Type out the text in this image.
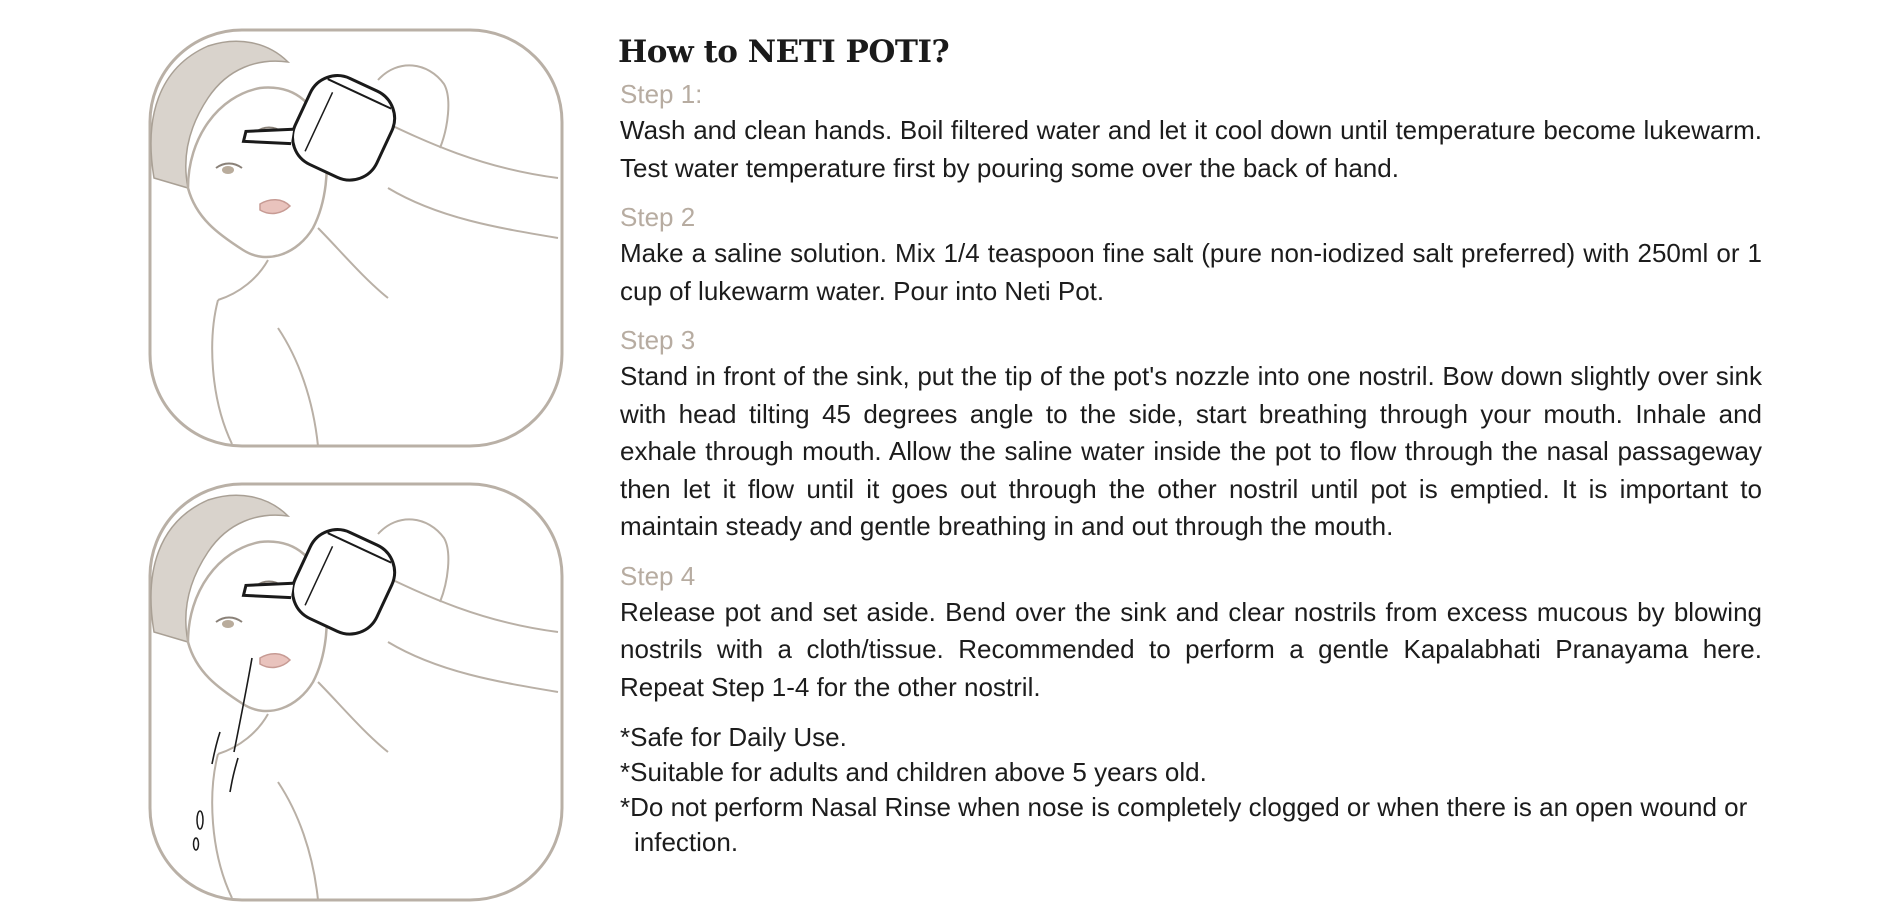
How to NETI POTI?

Step 1:

Wash and clean hands. Boil filtered water and let it cool down until temperature become lukewarm. Test water temperature first by pouring some over the back of hand.

Step 2

Make a saline solution. Mix 1/4 teaspoon fine salt (pure non-iodized salt preferred) with 250ml or 1 cup of lukewarm water. Pour into Neti Pot.

Step 3

Stand in front of the sink, put the tip of the pot's nozzle into one nostril. Bow down slightly over sink with head tilting 45 degrees angle to the side, start breathing through your mouth. Inhale and exhale through mouth. Allow the saline water inside the pot to flow through the nasal passageway then let it flow until it goes out through the other nostril until pot is emptied. It is important to maintain steady and gentle breathing in and out through the mouth.

Step 4

Release pot and set aside. Bend over the sink and clear nostrils from excess mucous by blowing nostrils with a cloth/tissue. Recommended to perform a gentle Kapalabhati Pranayama here. Repeat Step 1-4 for the other nostril.

*Safe for Daily Use.

*Suitable for adults and children above 5 years old.

*Do not perform Nasal Rinse when nose is completely clogged or when there is an open wound or infection.
